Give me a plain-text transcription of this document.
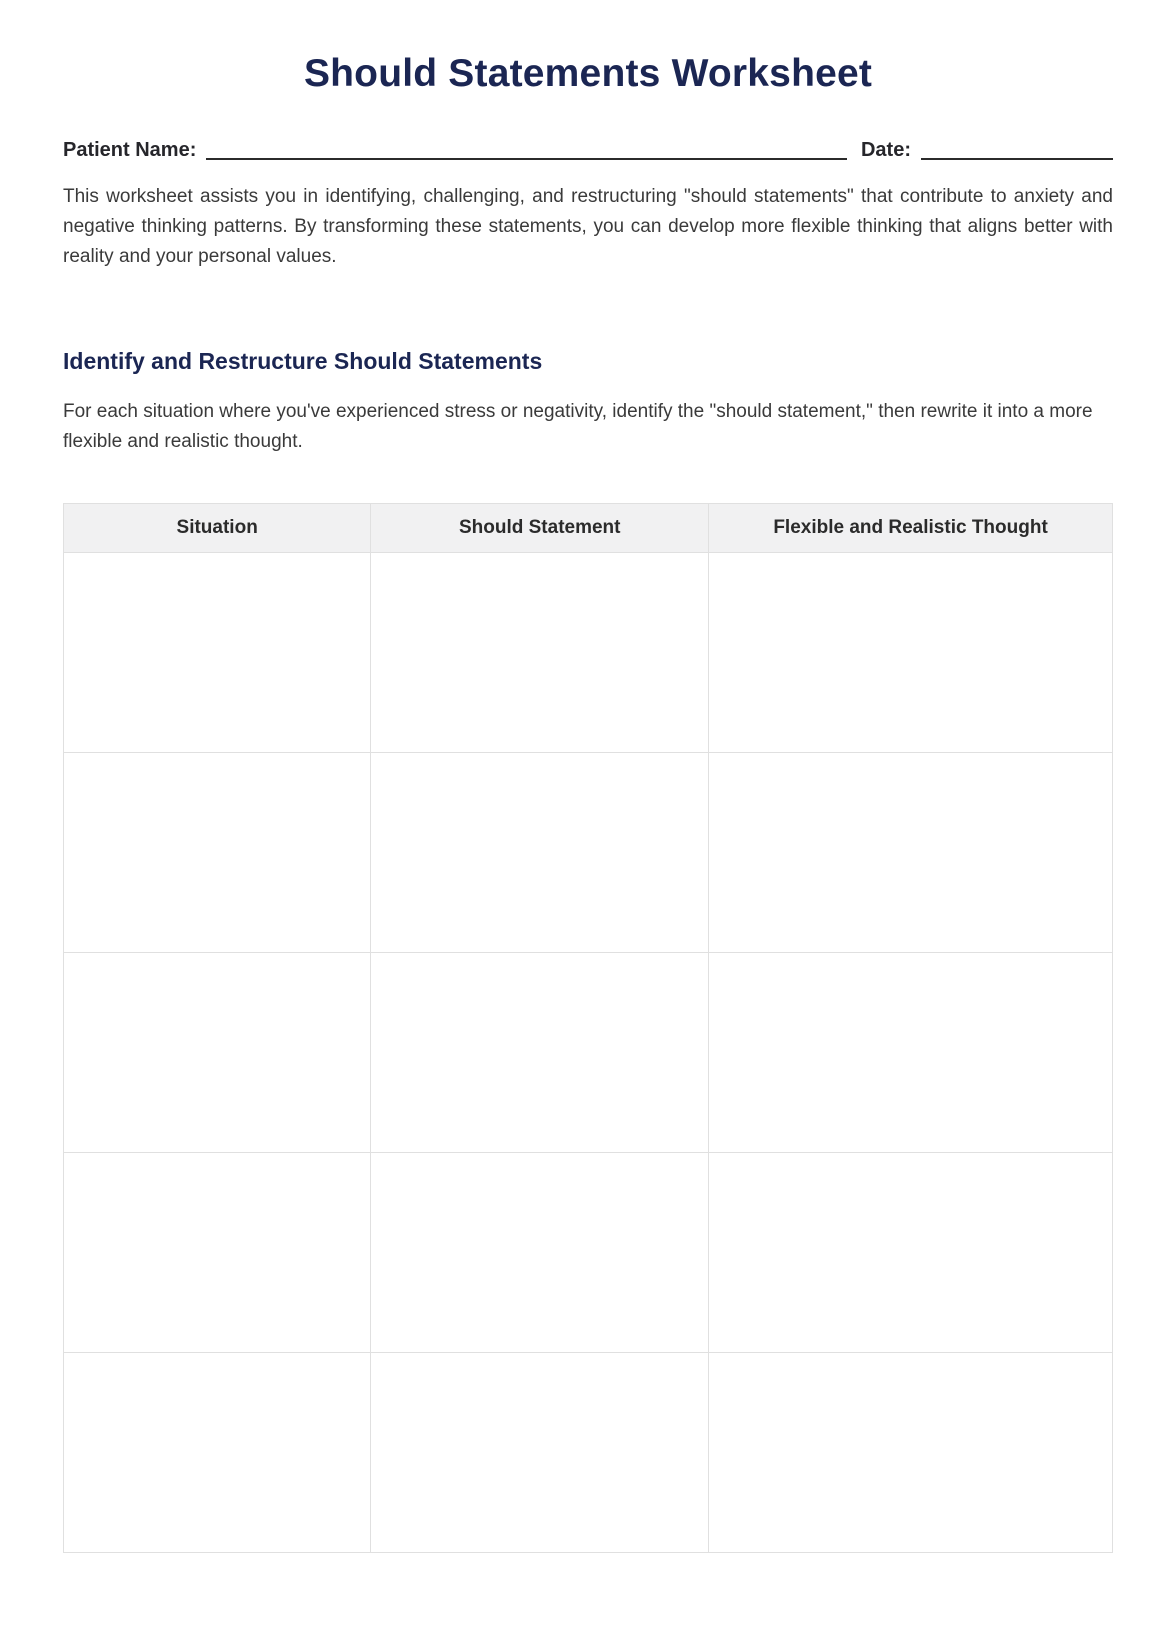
Should Statements Worksheet
Patient Name:	Date:

This worksheet assists you in identifying, challenging, and restructuring "should statements" that contribute to anxiety and negative thinking patterns. By transforming these statements, you can develop more flexible thinking that aligns better with reality and your personal values.

Identify and Restructure Should Statements

For each situation where you've experienced stress or negativity, identify the "should statement," then rewrite it into a more flexible and realistic thought.

Situation	Should Statement	Flexible and Realistic Thought
